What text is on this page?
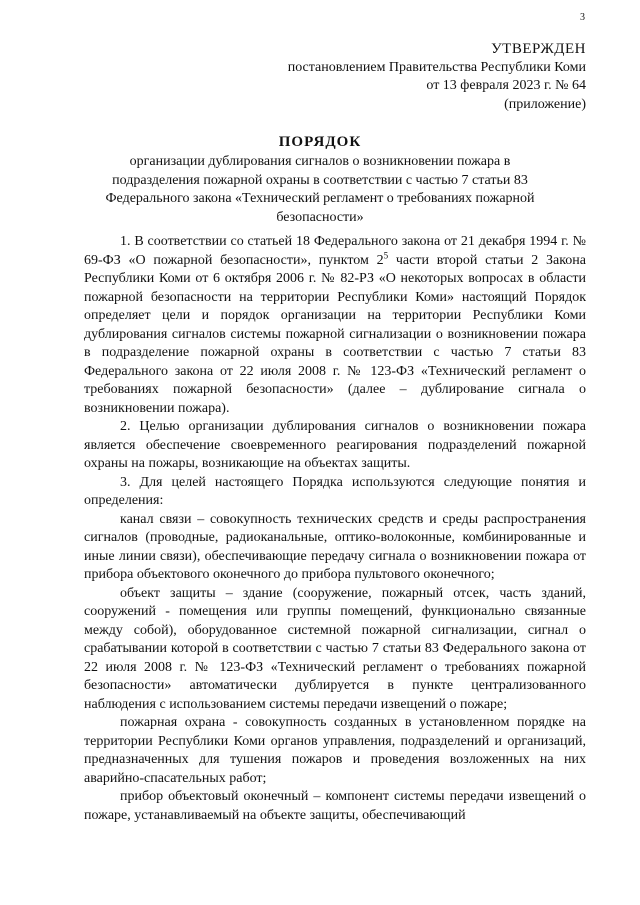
3
УТВЕРЖДЕН
постановлением Правительства Республики Коми
от 13 февраля 2023 г. № 64
(приложение)
ПОРЯДОК
организации дублирования сигналов о возникновении пожара в подразделения пожарной охраны в соответствии с частью 7 статьи 83 Федерального закона «Технический регламент о требованиях пожарной безопасности»

1. В соответствии со статьей 18 Федерального закона от 21 декабря 1994 г. № 69-ФЗ «О пожарной безопасности», пунктом $2^5$ части второй статьи 2 Закона Республики Коми от 6 октября 2006 г. № 82-РЗ «О некоторых вопросах в области пожарной безопасности на территории Республики Коми» настоящий Порядок определяет цели и порядок организации на территории Республики Коми дублирования сигналов системы пожарной сигнализации о возникновении пожара в подразделение пожарной охраны в соответствии с частью 7 статьи 83 Федерального закона от 22 июля 2008 г. № 123-ФЗ «Технический регламент о требованиях пожарной безопасности» (далее – дублирование сигнала о возникновении пожара).

2. Целью организации дублирования сигналов о возникновении пожара является обеспечение своевременного реагирования подразделений пожарной охраны на пожары, возникающие на объектах защиты.

3. Для целей настоящего Порядка используются следующие понятия и определения:

канал связи – совокупность технических средств и среды распространения сигналов (проводные, радиоканальные, оптико-волоконные, комбинированные и иные линии связи), обеспечивающие передачу сигнала о возникновении пожара от прибора объектового оконечного до прибора пультового оконечного;

объект защиты – здание (сооружение, пожарный отсек, часть зданий, сооружений - помещения или группы помещений, функционально связанные между собой), оборудованное системной пожарной сигнализации, сигнал о срабатывании которой в соответствии с частью 7 статьи 83 Федерального закона от 22 июля 2008 г. № 123-ФЗ «Технический регламент о требованиях пожарной безопасности» автоматически дублируется в пункте централизованного наблюдения с использованием системы передачи извещений о пожаре;

пожарная охрана - совокупность созданных в установленном порядке на территории Республики Коми органов управления, подразделений и организаций, предназначенных для тушения пожаров и проведения возложенных на них аварийно-спасательных работ;

прибор объектовый оконечный – компонент системы передачи извещений о пожаре, устанавливаемый на объекте защиты, обеспечивающий
